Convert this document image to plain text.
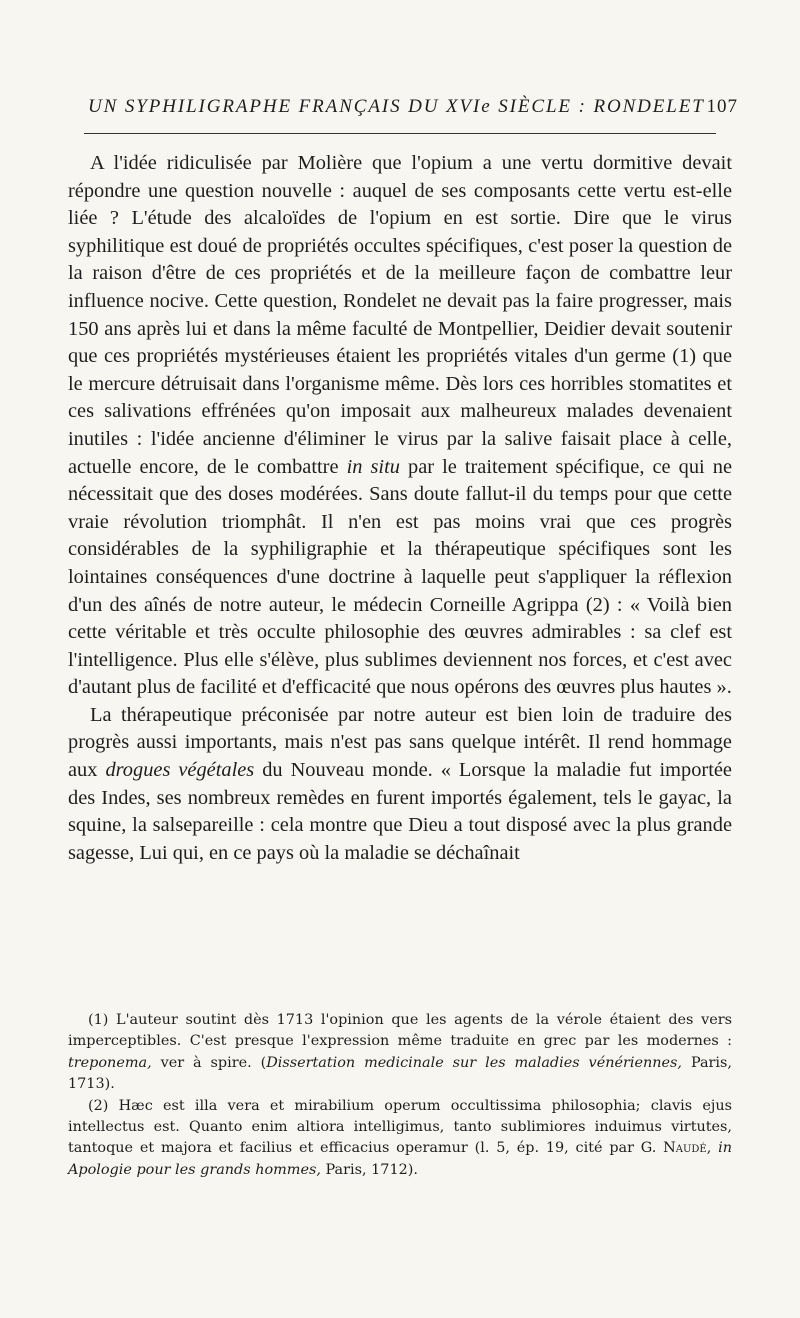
UN SYPHILIGRAPHE FRANÇAIS DU XVIe SIÈCLE : RONDELET 107

A l'idée ridiculisée par Molière que l'opium a une vertu dormitive devait répondre une question nouvelle : auquel de ses composants cette vertu est-elle liée ? L'étude des alcaloïdes de l'opium en est sortie. Dire que le virus syphilitique est doué de propriétés occultes spécifiques, c'est poser la question de la raison d'être de ces propriétés et de la meilleure façon de combattre leur influence nocive. Cette question, Rondelet ne devait pas la faire progresser, mais 150 ans après lui et dans la même faculté de Montpellier, Deidier devait soutenir que ces propriétés mystérieuses étaient les propriétés vitales d'un germe (1) que le mercure détruisait dans l'organisme même. Dès lors ces horribles stomatites et ces salivations effrénées qu'on imposait aux malheureux malades devenaient inutiles : l'idée ancienne d'éliminer le virus par la salive faisait place à celle, actuelle encore, de le combattre in situ par le traitement spécifique, ce qui ne nécessitait que des doses modérées. Sans doute fallut-il du temps pour que cette vraie révolution triomphât. Il n'en est pas moins vrai que ces progrès considérables de la syphiligraphie et la thérapeutique spécifiques sont les lointaines conséquences d'une doctrine à laquelle peut s'appliquer la réflexion d'un des aînés de notre auteur, le médecin Corneille Agrippa (2) : « Voilà bien cette véritable et très occulte philosophie des œuvres admirables : sa clef est l'intelligence. Plus elle s'élève, plus sublimes deviennent nos forces, et c'est avec d'autant plus de facilité et d'efficacité que nous opérons des œuvres plus hautes ».

La thérapeutique préconisée par notre auteur est bien loin de traduire des progrès aussi importants, mais n'est pas sans quelque intérêt. Il rend hommage aux drogues végétales du Nouveau monde. « Lorsque la maladie fut importée des Indes, ses nombreux remèdes en furent importés également, tels le gayac, la squine, la salsepareille : cela montre que Dieu a tout disposé avec la plus grande sagesse, Lui qui, en ce pays où la maladie se déchaînait

(1) L'auteur soutint dès 1713 l'opinion que les agents de la vérole étaient des vers imperceptibles. C'est presque l'expression même traduite en grec par les modernes : treponema, ver à spire. (Dissertation medicinale sur les maladies vénériennes, Paris, 1713).

(2) Hæc est illa vera et mirabilium operum occultissima philosophia; clavis ejus intellectus est. Quanto enim altiora intelligimus, tanto sublimiores induimus virtutes, tantoque et majora et facilius et efficacius operamur (l. 5, ép. 19, cité par G. Naudé, in Apologie pour les grands hommes, Paris, 1712).
